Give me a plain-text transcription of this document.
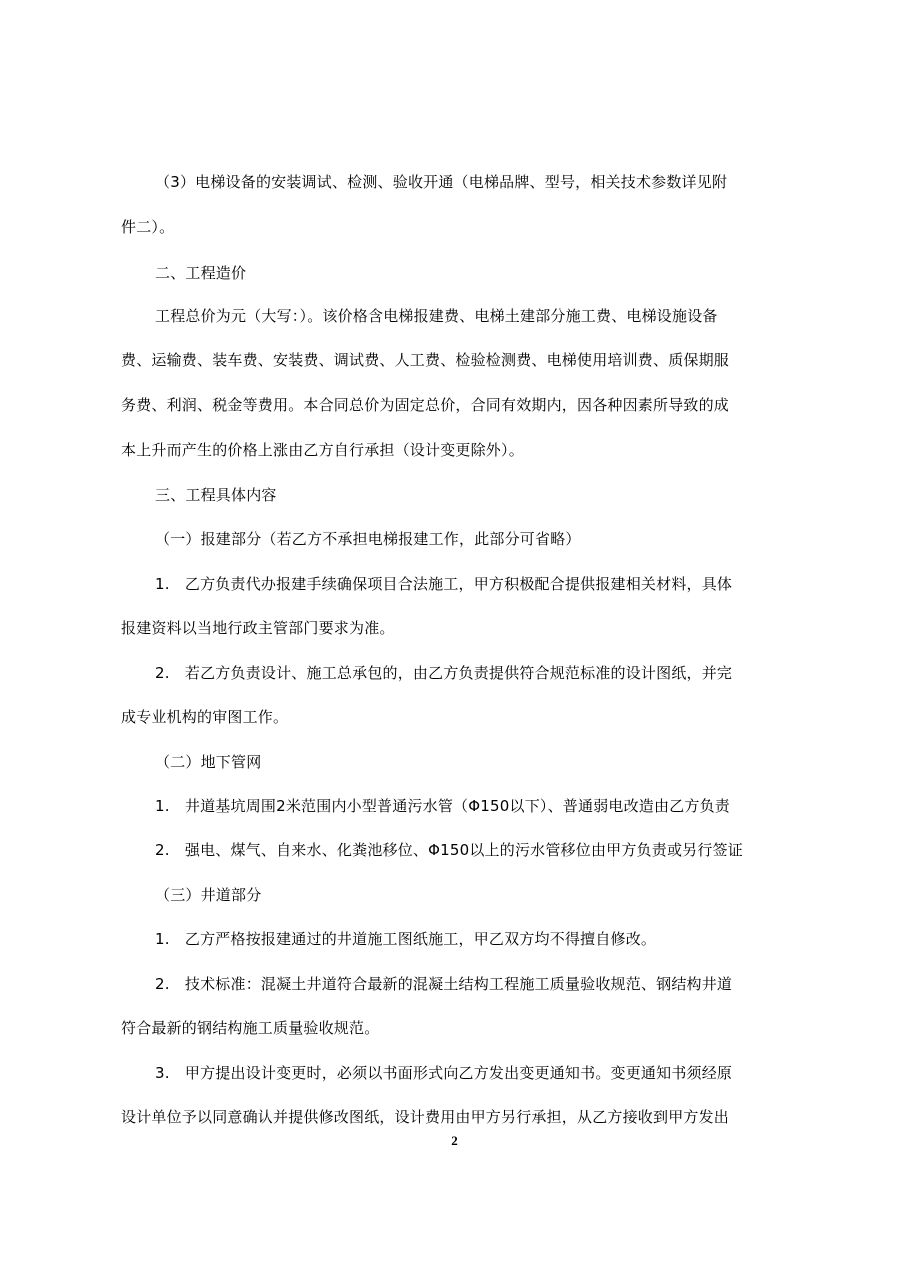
（3）电梯设备的安装调试、检测、验收开通（电梯品牌、型号，相关技术参数详见附
件二）。
二、工程造价
工程总价为元（大写：）。该价格含电梯报建费、电梯土建部分施工费、电梯设施设备
费、运输费、装车费、安装费、调试费、人工费、检验检测费、电梯使用培训费、质保期服
务费、利润、税金等费用。本合同总价为固定总价，合同有效期内，因各种因素所导致的成
本上升而产生的价格上涨由乙方自行承担（设计变更除外）。
三、工程具体内容
（一）报建部分（若乙方不承担电梯报建工作，此部分可省略）
1.　乙方负责代办报建手续确保项目合法施工，甲方积极配合提供报建相关材料，具体
报建资料以当地行政主管部门要求为准。
2.　若乙方负责设计、施工总承包的，由乙方负责提供符合规范标准的设计图纸，并完
成专业机构的审图工作。
（二）地下管网
1.　井道基坑周围2米范围内小型普通污水管（Φ150以下）、普通弱电改造由乙方负责
2.　强电、煤气、自来水、化粪池移位、Φ150以上的污水管移位由甲方负责或另行签证
（三）井道部分
1.　乙方严格按报建通过的井道施工图纸施工，甲乙双方均不得擅自修改。
2.　技术标准：混凝土井道符合最新的混凝土结构工程施工质量验收规范、钢结构井道
符合最新的钢结构施工质量验收规范。
3.　甲方提出设计变更时，必须以书面形式向乙方发出变更通知书。变更通知书须经原
设计单位予以同意确认并提供修改图纸，设计费用由甲方另行承担，从乙方接收到甲方发出
2
